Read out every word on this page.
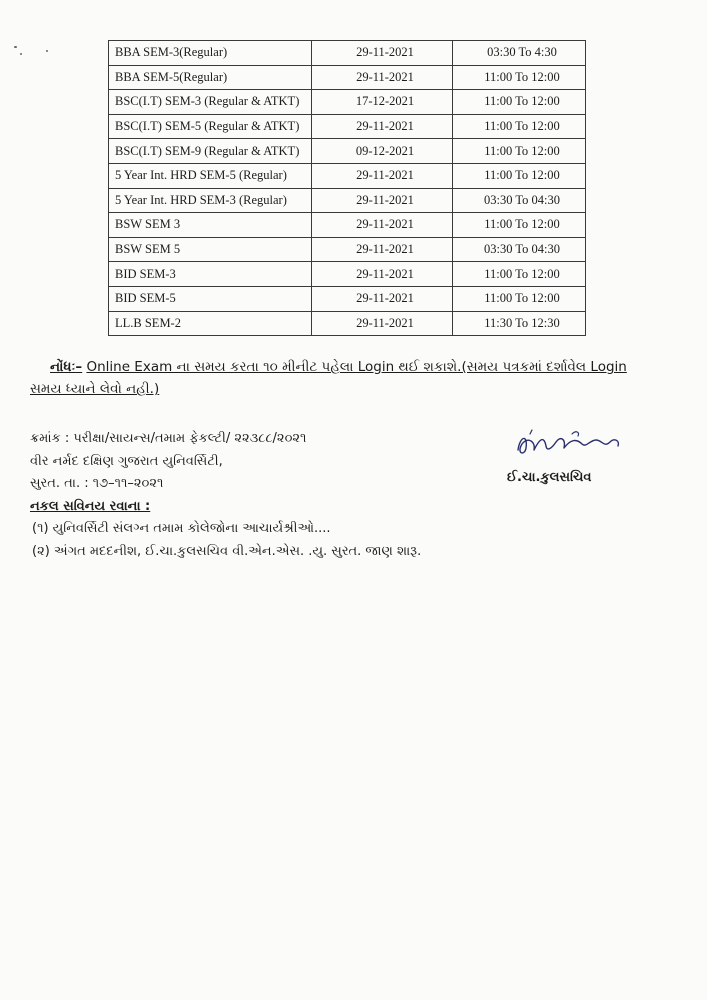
BBA SEM-3(Regular)	29-11-2021	03:30 To 4:30
BBA SEM-5(Regular)	29-11-2021	11:00 To 12:00
BSC(I.T) SEM-3 (Regular & ATKT)	17-12-2021	11:00 To 12:00
BSC(I.T) SEM-5 (Regular & ATKT)	29-11-2021	11:00 To 12:00
BSC(I.T) SEM-9 (Regular & ATKT)	09-12-2021	11:00 To 12:00
5 Year Int. HRD SEM-5 (Regular)	29-11-2021	11:00 To 12:00
5 Year Int. HRD SEM-3 (Regular)	29-11-2021	03:30 To 04:30
BSW SEM 3	29-11-2021	11:00 To 12:00
BSW SEM 5	29-11-2021	03:30 To 04:30
BID SEM-3	29-11-2021	11:00 To 12:00
BID SEM-5	29-11-2021	11:00 To 12:00
LL.B SEM-2	29-11-2021	11:30 To 12:30
નોંધઃ– Online Exam ના સમય કરતા ૧૦ મીનીટ પહેલા Login થઈ શકાશે.(સમય પત્રકમાં દર્શાવેલ Login સમય ધ્યાને લેવો નહી.)
ક્રમાંક : પરીક્ષા/સાયન્સ/તમામ ફેકલ્ટી/ ૨૨૩૮૮/૨૦૨૧
વીર નર્મદ દક્ષિણ ગુજરાત યુનિવર્સિટી,
સુરત. તા. : ૧૭–૧૧–૨૦૨૧
નકલ સવિનય રવાના :
(૧) યુનિવર્સિટી સંલગ્ન તમામ કોલેજોના આચાર્યશ્રીઓ....
(૨) અંગત મદદનીશ, ઈ.ચા.કુલસચિવ વી.એન.એસ. .યુ. સુરત. જાણ શારૂ.
ઈ.ચા.કુલસચિવ
